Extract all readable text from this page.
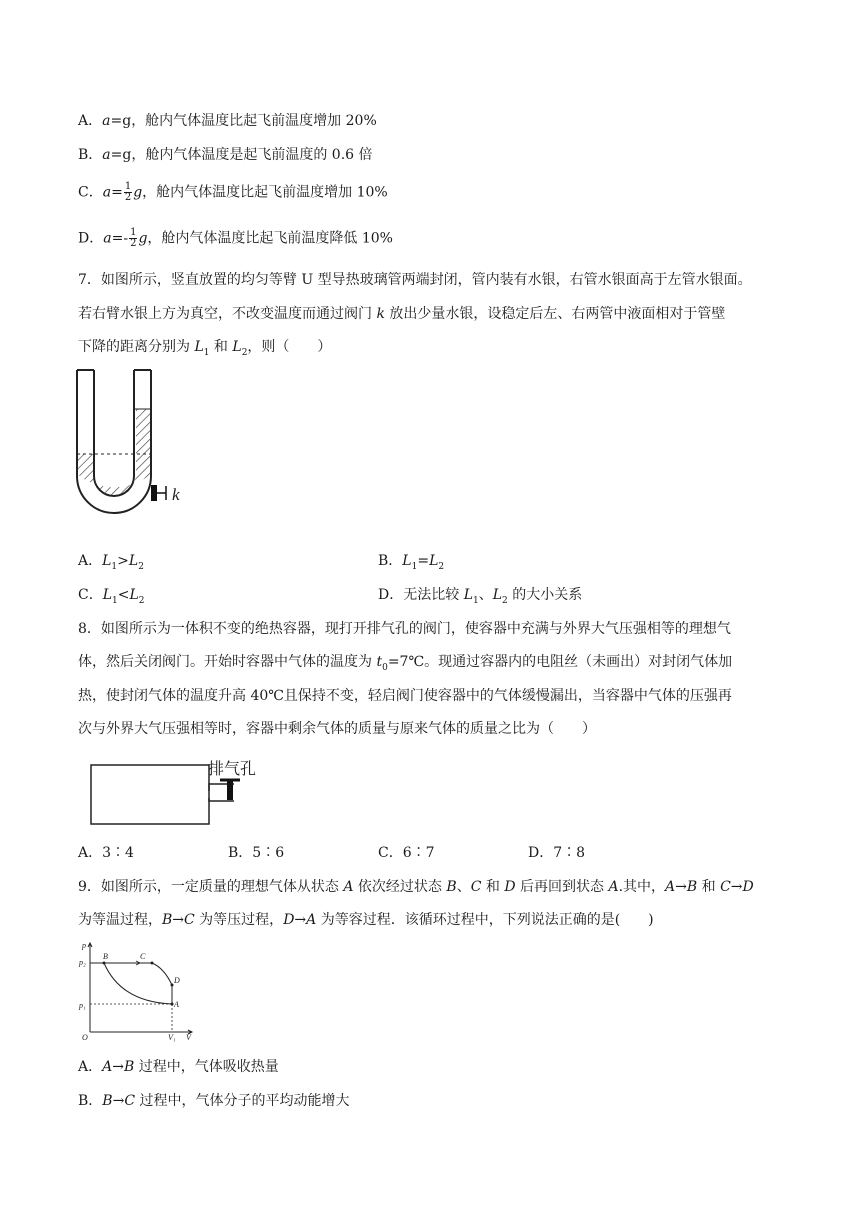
A．a=g，舱内气体温度比起飞前温度增加 20%
B．a=g，舱内气体温度是起飞前温度的 0.6 倍
C．$a= \frac{1}{2}$ g，舱内气体温度比起飞前温度增加 10%
D．$a=- \frac{1}{2}$ g，舱内气体温度比起飞前温度降低 10%
7．如图所示，竖直放置的均匀等臂 U 型导热玻璃管两端封闭，管内装有水银，右管水银面高于左管水银面。
若右臂水银上方为真空，不改变温度而通过阀门 k 放出少量水银，设稳定后左、右两管中液面相对于管壁
下降的距离分别为 $L_1$ 和 $L_2$，则（　　）
k
A．$L_1>L_2$	B．$L_1=L_2$
C．$L_1<L_2$	D．无法比较 $L_1$、$L_2$ 的大小关系
8．如图所示为一体积不变的绝热容器，现打开排气孔的阀门，使容器中充满与外界大气压强相等的理想气
体，然后关闭阀门。开始时容器中气体的温度为 $t_0=7℃$。现通过容器内的电阻丝（未画出）对封闭气体加
热，使封闭气体的温度升高 40℃且保持不变，轻启阀门使容器中的气体缓慢漏出，当容器中气体的压强再
次与外界大气压强相等时，容器中剩余气体的质量与原来气体的质量之比为（　　）
排气孔
A．3∶4	B．5∶6	C．6∶7	D．7∶8
9．如图所示，一定质量的理想气体从状态 A 依次经过状态 B、C 和 D 后再回到状态 A.其中，A→B 和 C→D
为等温过程，B→C 为等压过程，D→A 为等容过程．该循环过程中，下列说法正确的是(　　)
p
p₂
p₁
O	V₁ V
B	C
D
A
A．A→B 过程中，气体吸收热量
B．B→C 过程中，气体分子的平均动能增大
